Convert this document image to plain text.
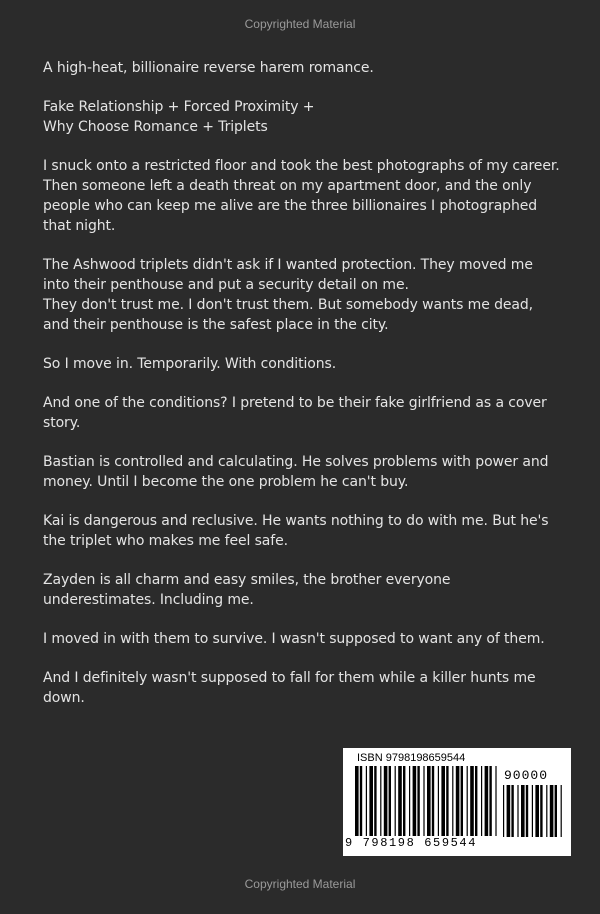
Copyrighted Material

A high-heat, billionaire reverse harem romance.

Fake Relationship + Forced Proximity +
Why Choose Romance + Triplets

I snuck onto a restricted floor and took the best photographs of my career. Then someone left a death threat on my apartment door, and the only people who can keep me alive are the three billionaires I photographed that night.

The Ashwood triplets didn't ask if I wanted protection. They moved me into their penthouse and put a security detail on me.
They don't trust me. I don't trust them. But somebody wants me dead, and their penthouse is the safest place in the city.

So I move in. Temporarily. With conditions.

And one of the conditions? I pretend to be their fake girlfriend as a cover story.

Bastian is controlled and calculating. He solves problems with power and money. Until I become the one problem he can't buy.

Kai is dangerous and reclusive. He wants nothing to do with me. But he's the triplet who makes me feel safe.

Zayden is all charm and easy smiles, the brother everyone underestimates. Including me.

I moved in with them to survive. I wasn't supposed to want any of them.

And I definitely wasn't supposed to fall for them while a killer hunts me down.

ISBN 9798198659544
90000
9 798198 659544
Copyrighted Material
